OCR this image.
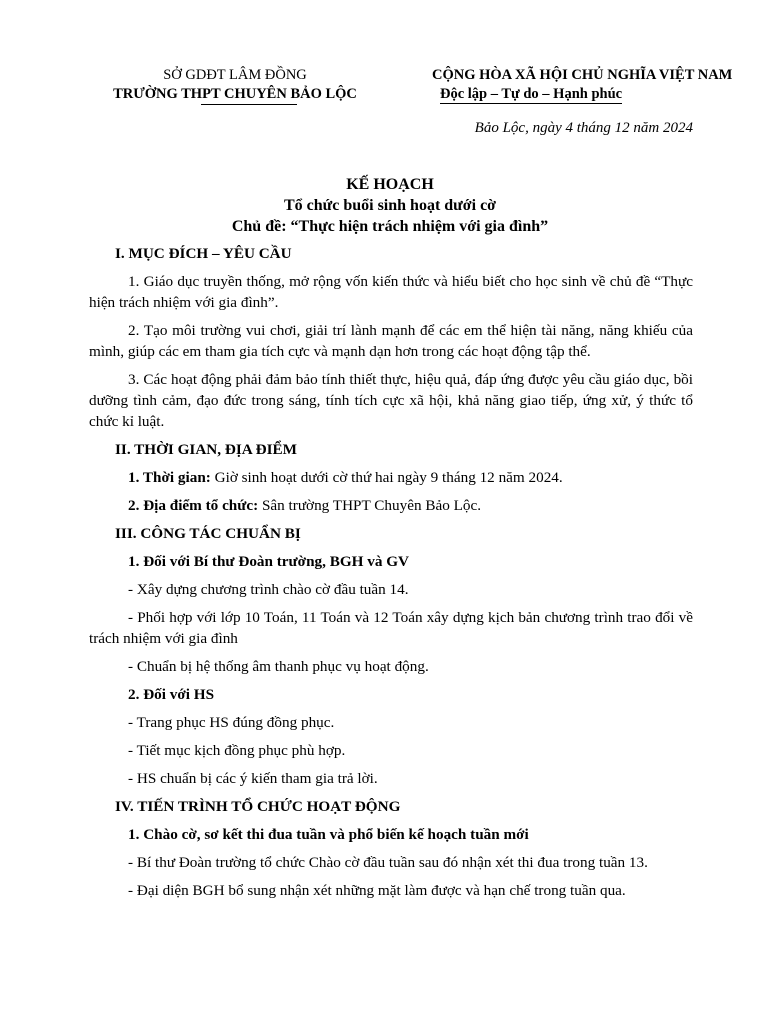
SỞ GDĐT LÂM ĐỒNG
TRƯỜNG THPT CHUYÊN BẢO LỘC
CỘNG HÒA XÃ HỘI CHỦ NGHĨA VIỆT NAM
Độc lập – Tự do – Hạnh phúc
Bảo Lộc, ngày 4 tháng 12 năm 2024
KẾ HOẠCH
Tổ chức buổi sinh hoạt dưới cờ
Chủ đề: “Thực hiện trách nhiệm với gia đình”

I. MỤC ĐÍCH – YÊU CẦU

1. Giáo dục truyền thống, mở rộng vốn kiến thức và hiểu biết cho học sinh về chủ đề “Thực hiện trách nhiệm với gia đình”.

2. Tạo môi trường vui chơi, giải trí lành mạnh để các em thể hiện tài năng, năng khiếu của mình, giúp các em tham gia tích cực và mạnh dạn hơn trong các hoạt động tập thể.

3. Các hoạt động phải đảm bảo tính thiết thực, hiệu quả, đáp ứng được yêu cầu giáo dục, bồi dưỡng tình cảm, đạo đức trong sáng, tính tích cực xã hội, khả năng giao tiếp, ứng xử, ý thức tổ chức kỉ luật.

II. THỜI GIAN, ĐỊA ĐIỂM

1. Thời gian: Giờ sinh hoạt dưới cờ thứ hai ngày 9 tháng 12 năm 2024.

2. Địa điểm tổ chức: Sân trường THPT Chuyên Bảo Lộc.

III. CÔNG TÁC CHUẨN BỊ

1. Đối với Bí thư Đoàn trường, BGH và GV

- Xây dựng chương trình chào cờ đầu tuần 14.

- Phối hợp với lớp 10 Toán, 11 Toán và 12 Toán xây dựng kịch bản chương trình trao đổi về trách nhiệm với gia đình

- Chuẩn bị hệ thống âm thanh phục vụ hoạt động.

2. Đối với HS

- Trang phục HS đúng đồng phục.

- Tiết mục kịch đồng phục phù hợp.

- HS chuẩn bị các ý kiến tham gia trả lời.

IV. TIẾN TRÌNH TỔ CHỨC HOẠT ĐỘNG

1. Chào cờ, sơ kết thi đua tuần và phổ biến kế hoạch tuần mới

- Bí thư Đoàn trường tổ chức Chào cờ đầu tuần sau đó nhận xét thi đua trong tuần 13.

- Đại diện BGH bổ sung nhận xét những mặt làm được và hạn chế trong tuần qua.
